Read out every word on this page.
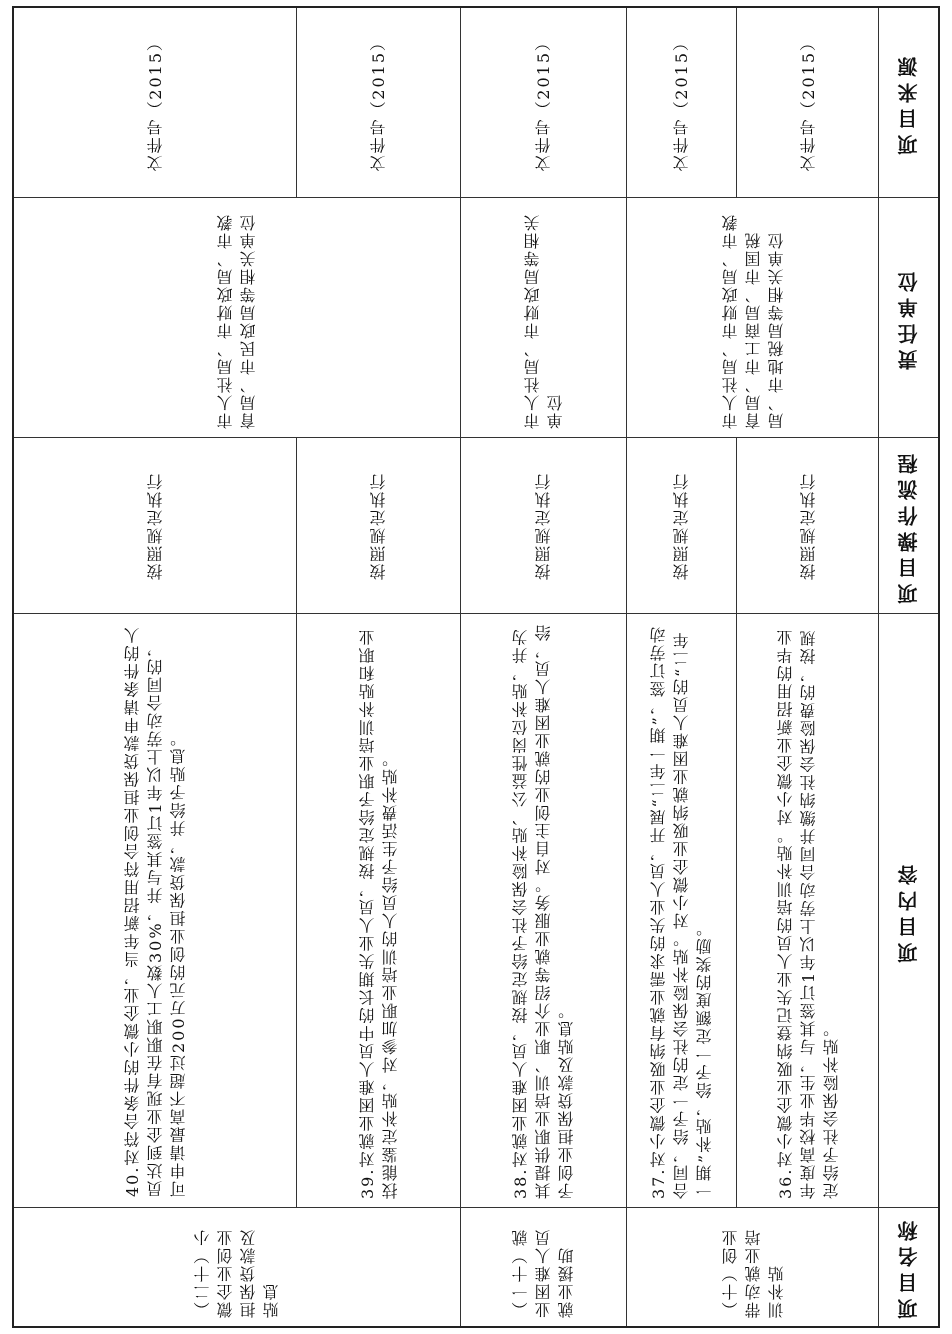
项目来源
责任单位
项目操作流程
项目内容
项目名称
文件号（2015）
市人社局、市财政局、市教育局、市工商局、市国税局、市地税局等相关单位
按照规定执行
36.对小微企业吸纳登记失业人员的培训补贴。对小微企业新招用的毕业年度高校毕业生，与其签订1年以上劳动合同并缴纳社会保险费的，按规定给予社会保险补贴。
（十）创业带动就业培训补贴
文件号（2015）
按照规定执行
37.对小微企业吸纳有就业需求的失业人员，开展“二年一期”，签订劳动合同，给予一定的社会保险补贴。对小微企业吸纳就业困难人员的“二年一期”补贴，给予一定额度的奖励。
文件号（2015）
市人社局、市财政局等相关单位
按照规定执行
38.对就业困难人员，按规定给予社会保险补贴、公益性岗位补贴，并为其提供职业培训、职业介绍等就业服务。对自主创业的就业困难人员，给予创业担保贷款及贴息。
（一十）就业困难人员就业援助
文件号（2015）
市人社局、市财政局、市教育局、市民政局等相关单位
按照规定执行
39.对就业困难人员中的长期失业人员，按规定给予职业培训补贴和职业技能鉴定补贴，对参加职业培训的人员给予生活费补贴。
文件号（2015）
按照规定执行
40.对符合条件的小微企业，当年新招用符合创业担保贷款申请条件的人员达到企业现有在职职工人数30%，并与其签订1年以上劳动合同的，可申请最高不超过200万元的创业担保贷款，并给予贴息。
（二十）小微企业创业担保贷款及贴息
